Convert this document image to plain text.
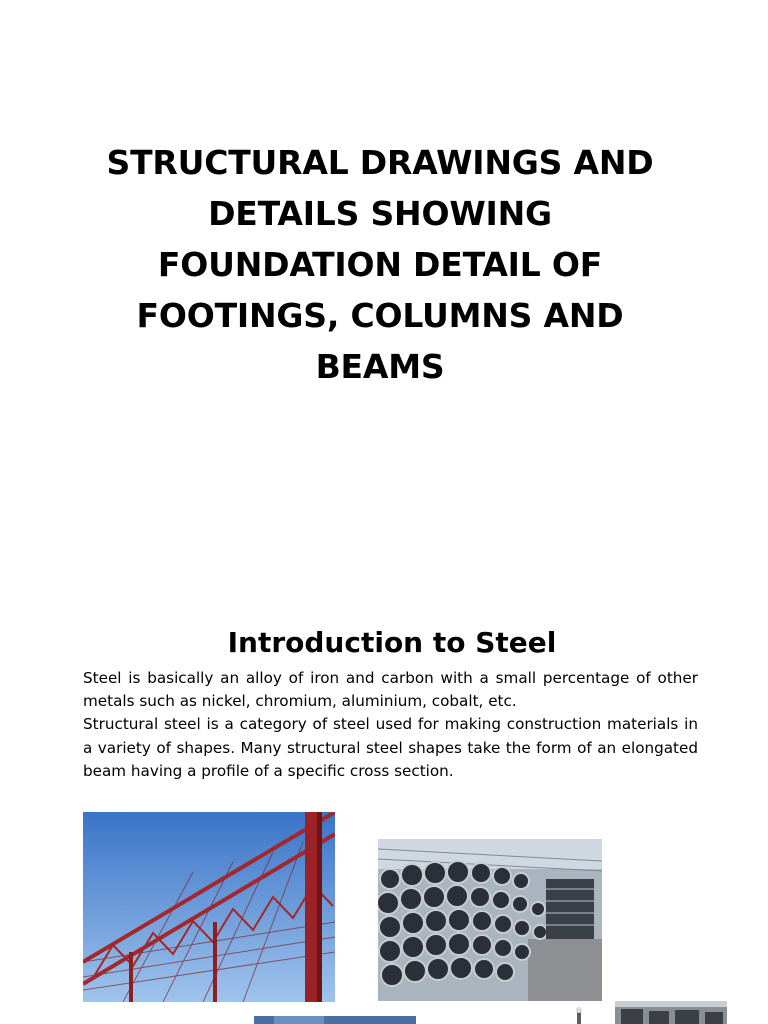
STRUCTURAL DRAWINGS AND
DETAILS SHOWING
FOUNDATION DETAIL OF
FOOTINGS, COLUMNS AND
BEAMS
Introduction to Steel

Steel is basically an alloy of iron and carbon with a small percentage of other metals such as nickel, chromium, aluminium, cobalt, etc.

Structural steel is a category of steel used for making construction materials in a variety of shapes. Many structural steel shapes take the form of an elongated beam having a profile of a specific cross section.
